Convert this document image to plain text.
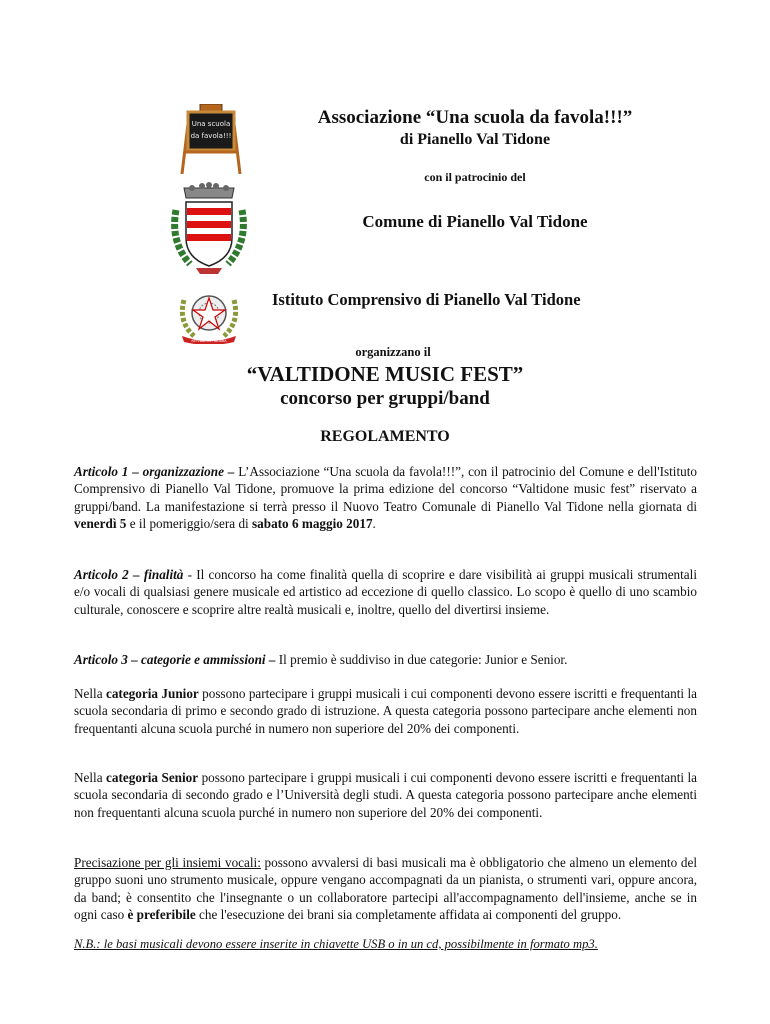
Una scuola
da favola!!!
REPVBBLICA ITALIANA
Associazione “Una scuola da favola!!!”
di Pianello Val Tidone
con il patrocinio del
Comune di Pianello Val Tidone
Istituto Comprensivo di Pianello Val Tidone
organizzano il
“VALTIDONE MUSIC FEST”
concorso per gruppi/band
REGOLAMENTO
Articolo 1 – organizzazione – L’Associazione “Una scuola da favola!!!”, con il patrocinio del Comune e dell'Istituto Comprensivo di Pianello Val Tidone, promuove la prima edizione del concorso “Valtidone music fest” riservato a gruppi/band. La manifestazione si terrà presso il Nuovo Teatro Comunale di Pianello Val Tidone nella giornata di venerdì 5 e il pomeriggio/sera di sabato 6 maggio 2017.
Articolo 2 – finalità - Il concorso ha come finalità quella di scoprire e dare visibilità ai gruppi musicali strumentali e/o vocali di qualsiasi genere musicale ed artistico ad eccezione di quello classico. Lo scopo è quello di uno scambio culturale, conoscere e scoprire altre realtà musicali e, inoltre, quello del divertirsi insieme.
Articolo 3 – categorie e ammissioni – Il premio è suddiviso in due categorie: Junior e Senior.
Nella categoria Junior possono partecipare i gruppi musicali i cui componenti devono essere iscritti e frequentanti la scuola secondaria di primo e secondo grado di istruzione. A questa categoria possono partecipare anche elementi non frequentanti alcuna scuola purché in numero non superiore del 20% dei componenti.
Nella categoria Senior possono partecipare i gruppi musicali i cui componenti devono essere iscritti e frequentanti la scuola secondaria di secondo grado e l’Università degli studi. A questa categoria possono partecipare anche elementi non frequentanti alcuna scuola purché in numero non superiore del 20% dei componenti.
Precisazione per gli insiemi vocali: possono avvalersi di basi musicali ma è obbligatorio che almeno un elemento del gruppo suoni uno strumento musicale, oppure vengano accompagnati da un pianista, o strumenti vari, oppure ancora, da band; è consentito che l'insegnante o un collaboratore partecipi all'accompagnamento dell'insieme, anche se in ogni caso è preferibile che l'esecuzione dei brani sia completamente affidata ai componenti del gruppo.
N.B.: le basi musicali devono essere inserite in chiavette USB o in un cd, possibilmente in formato mp3.
